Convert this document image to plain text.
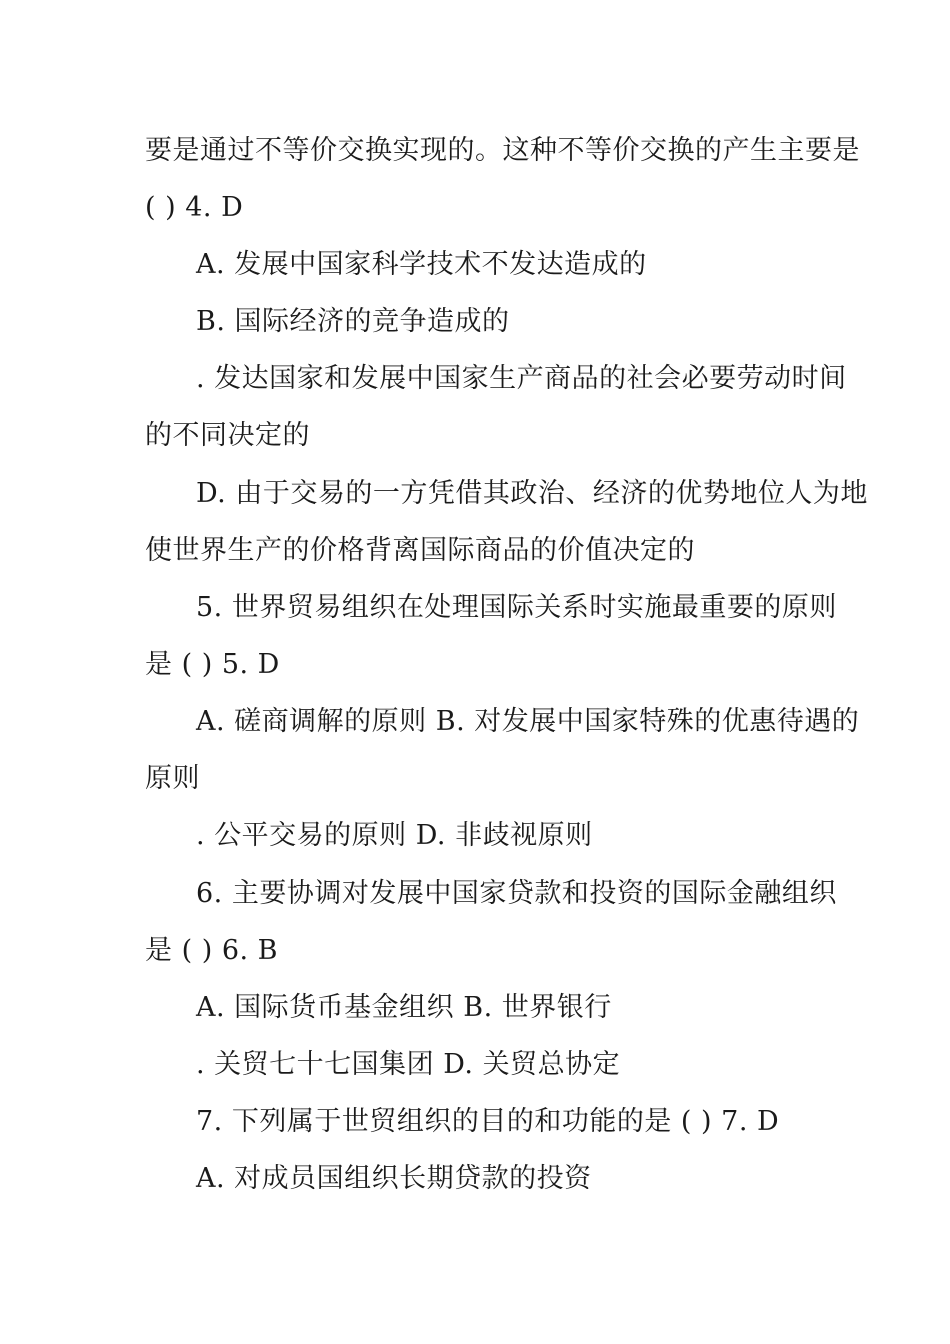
要是通过不等价交换实现的。这种不等价交换的产生主要是
( ) 4. D
A. 发展中国家科学技术不发达造成的
B. 国际经济的竞争造成的
. 发达国家和发展中国家生产商品的社会必要劳动时间
的不同决定的
D. 由于交易的一方凭借其政治、经济的优势地位人为地
使世界生产的价格背离国际商品的价值决定的
5. 世界贸易组织在处理国际关系时实施最重要的原则
是 ( ) 5. D
A. 磋商调解的原则 B. 对发展中国家特殊的优惠待遇的
原则
. 公平交易的原则 D. 非歧视原则
6. 主要协调对发展中国家贷款和投资的国际金融组织
是 ( ) 6. B
A. 国际货币基金组织 B. 世界银行
. 关贸七十七国集团 D. 关贸总协定
7. 下列属于世贸组织的目的和功能的是 ( ) 7. D
A. 对成员国组织长期贷款的投资
